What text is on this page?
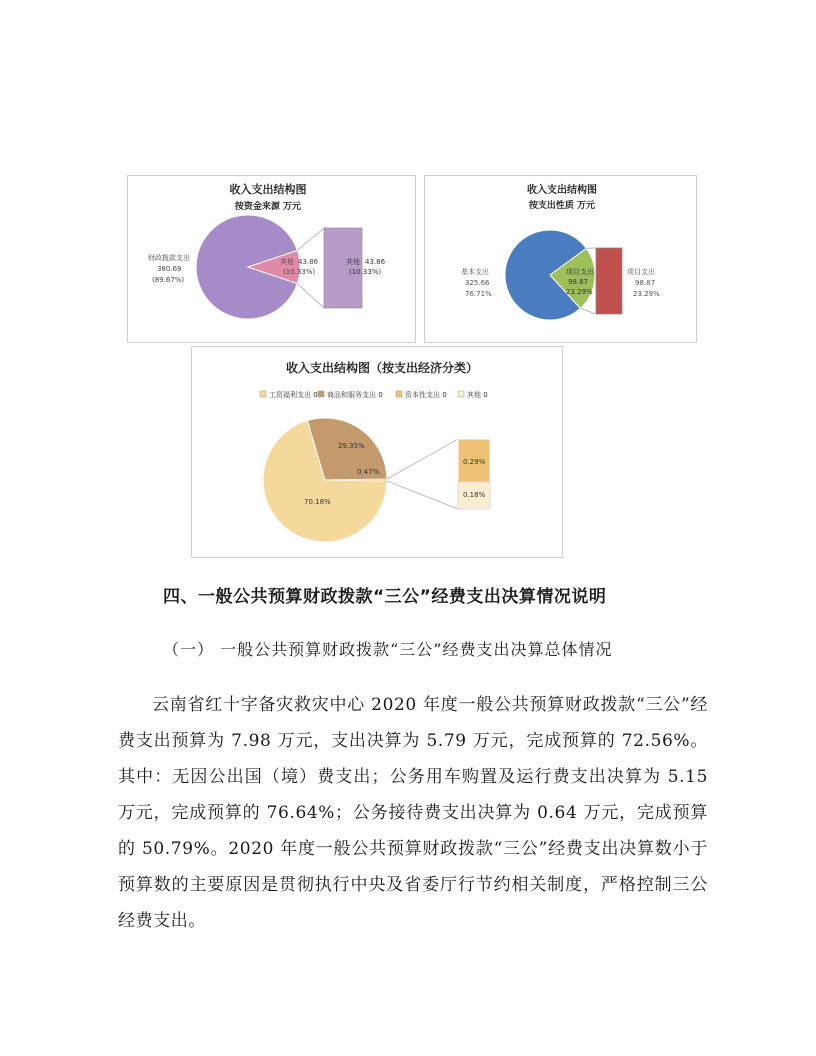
收入支出结构图
按资金来源 万元
财政拨款支出
380.69
(89.67%)
其他 43.86
(10.33%)
其他 43.86
(10.33%)
收入支出结构图
按支出性质 万元
基本支出
325.66
76.71%
项目支出
98.87
23.29%
项目支出
98.87
23.29%
收入支出结构图（按支出经济分类）
工资福利支出 0 商品和服务支出 0	资本性支出 0	其他 0
29.35%
70.18%
0.47%
0.29%
0.18%
四、一般公共预算财政拨款“三公”经费支出决算情况说明
（一） 一般公共预算财政拨款“三公”经费支出决算总体情况

云南省红十字备灾救灾中心 2020 年度一般公共预算财政拨款“三公”经费支出预算为 7.98 万元，支出决算为 5.79 万元，完成预算的 72.56%。其中：无因公出国（境）费支出；公务用车购置及运行费支出决算为 5.15 万元，完成预算的 76.64%；公务接待费支出决算为 0.64 万元，完成预算的 50.79%。2020 年度一般公共预算财政拨款“三公”经费支出决算数小于预算数的主要原因是贯彻执行中央及省委厅行节约相关制度，严格控制三公经费支出。
